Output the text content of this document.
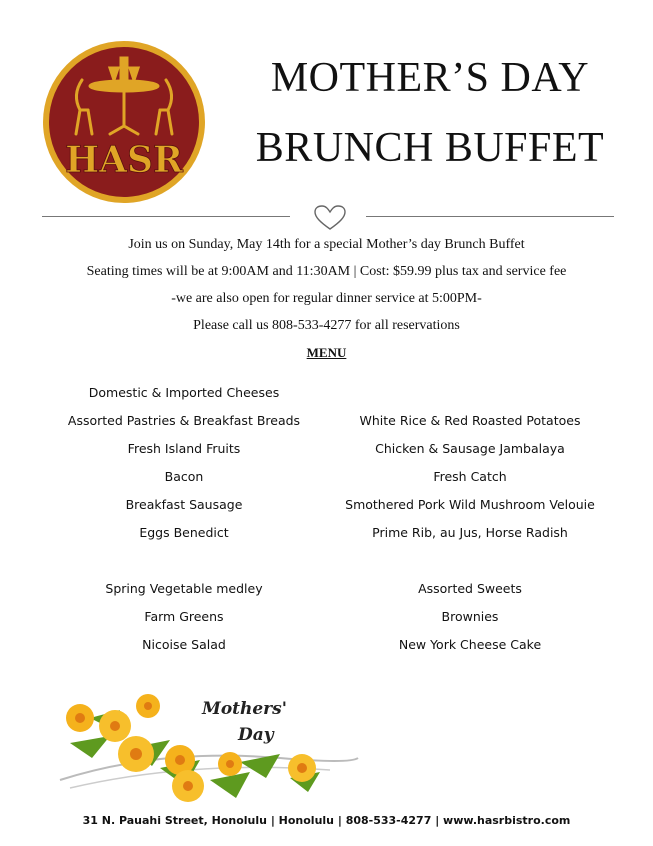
HASR
MOTHER’S DAY
BRUNCH BUFFET
Join us on Sunday, May 14th for a special Mother’s day Brunch Buffet
Seating times will be at 9:00AM and 11:30AM | Cost: $59.99 plus tax and service fee
-we are also open for regular dinner service at 5:00PM-
Please call us 808-533-4277 for all reservations
MENU
Domestic & Imported Cheeses
Assorted Pastries & Breakfast Breads
Fresh Island Fruits
Bacon
Breakfast Sausage
Eggs Benedict
Spring Vegetable medley
Farm Greens
Nicoise Salad
White Rice & Red Roasted Potatoes
Chicken & Sausage Jambalaya
Fresh Catch
Smothered Pork Wild Mushroom Velouie
Prime Rib, au Jus, Horse Radish
Assorted Sweets
Brownies
New York Cheese Cake
Mothers'
Day
31 N. Pauahi Street, Honolulu | Honolulu | 808-533-4277 | www.hasrbistro.com
